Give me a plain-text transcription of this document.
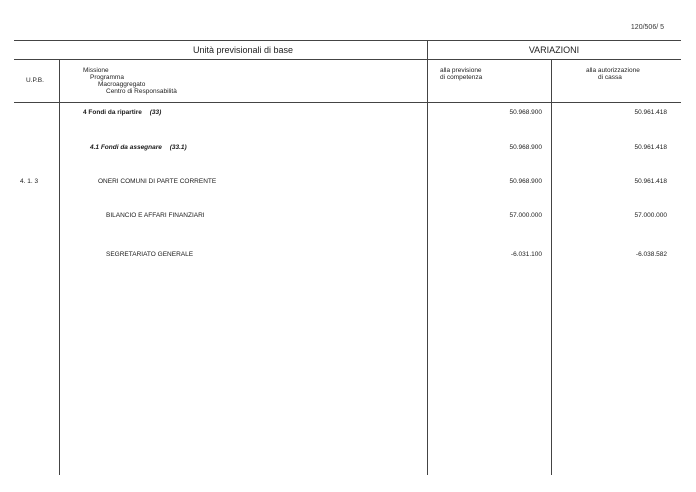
120/506/ 5
Unità previsionali di base	VARIAZIONI
U.P.B.
Missione
Programma
Macroaggregato
Centro di Responsabilità
alla previsione
di competenza
alla autorizzazione
di cassa
4 Fondi da ripartire (33)	50.968.900	50.961.418
4.1 Fondi da assegnare (33.1)	50.968.900	50.961.418
4. 1. 3	ONERI COMUNI DI PARTE CORRENTE	50.968.900	50.961.418
BILANCIO E AFFARI FINANZIARI	57.000.000	57.000.000
SEGRETARIATO GENERALE	-6.031.100	-6.038.582
